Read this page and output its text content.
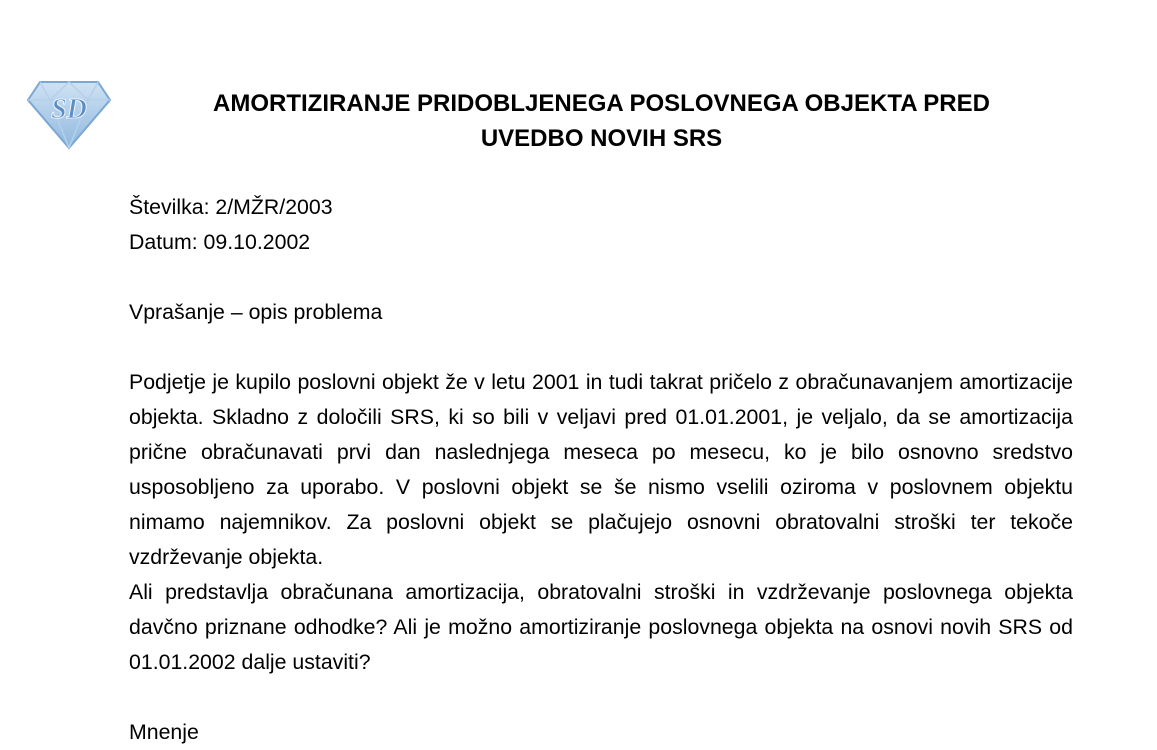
SD	AMORTIZIRANJE PRIDOBLJENEGA POSLOVNEGA OBJEKTA PRED
UVEDBO NOVIH SRS

Številka: 2/MŽR/2003

Datum: 09.10.2002

Vprašanje – opis problema

Podjetje je kupilo poslovni objekt že v letu 2001 in tudi takrat pričelo z obračunavanjem amortizacije objekta. Skladno z določili SRS, ki so bili v veljavi pred 01.01.2001, je veljalo, da se amortizacija prične obračunavati prvi dan naslednjega meseca po mesecu, ko je bilo osnovno sredstvo usposobljeno za uporabo. V poslovni objekt se še nismo vselili oziroma v poslovnem objektu nimamo najemnikov. Za poslovni objekt se plačujejo osnovni obratovalni stroški ter tekoče vzdrževanje objekta.

Ali predstavlja obračunana amortizacija, obratovalni stroški in vzdrževanje poslovnega objekta davčno priznane odhodke? Ali je možno amortiziranje poslovnega objekta na osnovi novih SRS od 01.01.2002 dalje ustaviti?

Mnenje
